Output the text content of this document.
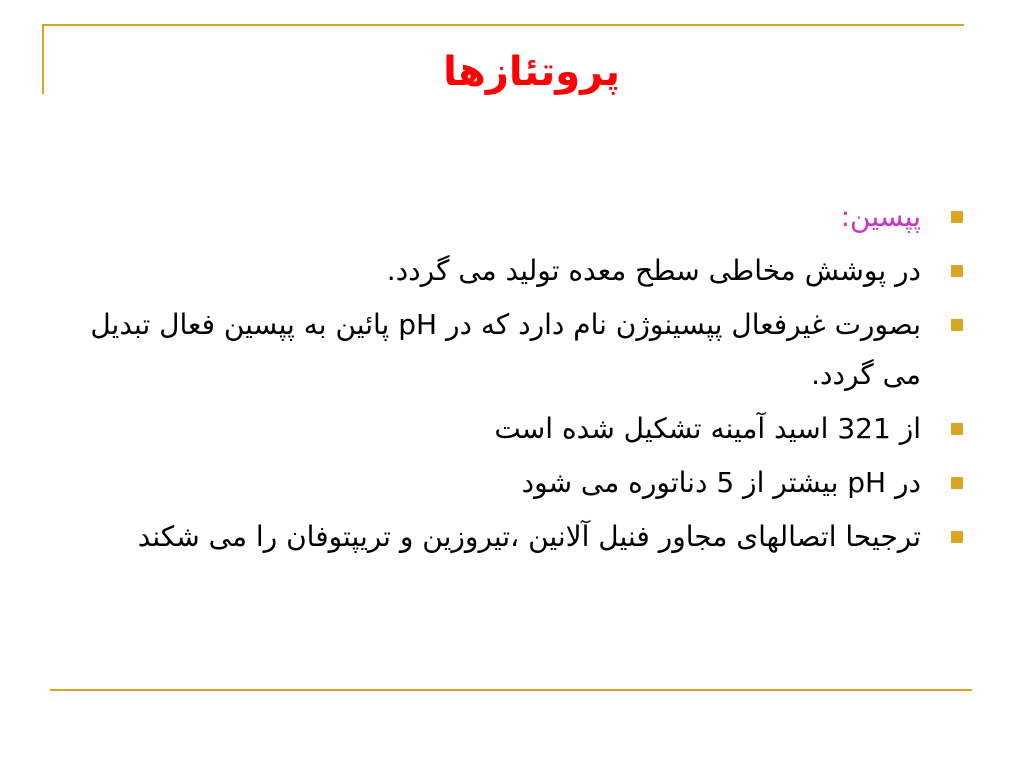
پروتئازها
پپسین:
در پوشش مخاطی سطح معده تولید می گردد.
بصورت غیرفعال پپسینوژن نام دارد که در pH پائین به پپسین فعال تبدیل می گردد.
از 321 اسید آمینه تشکیل شده است
در pH بیشتر از 5 دناتوره می شود
ترجیحا اتصالهای مجاور فنیل آلانین ،تیروزین و تریپتوفان را می شکند
